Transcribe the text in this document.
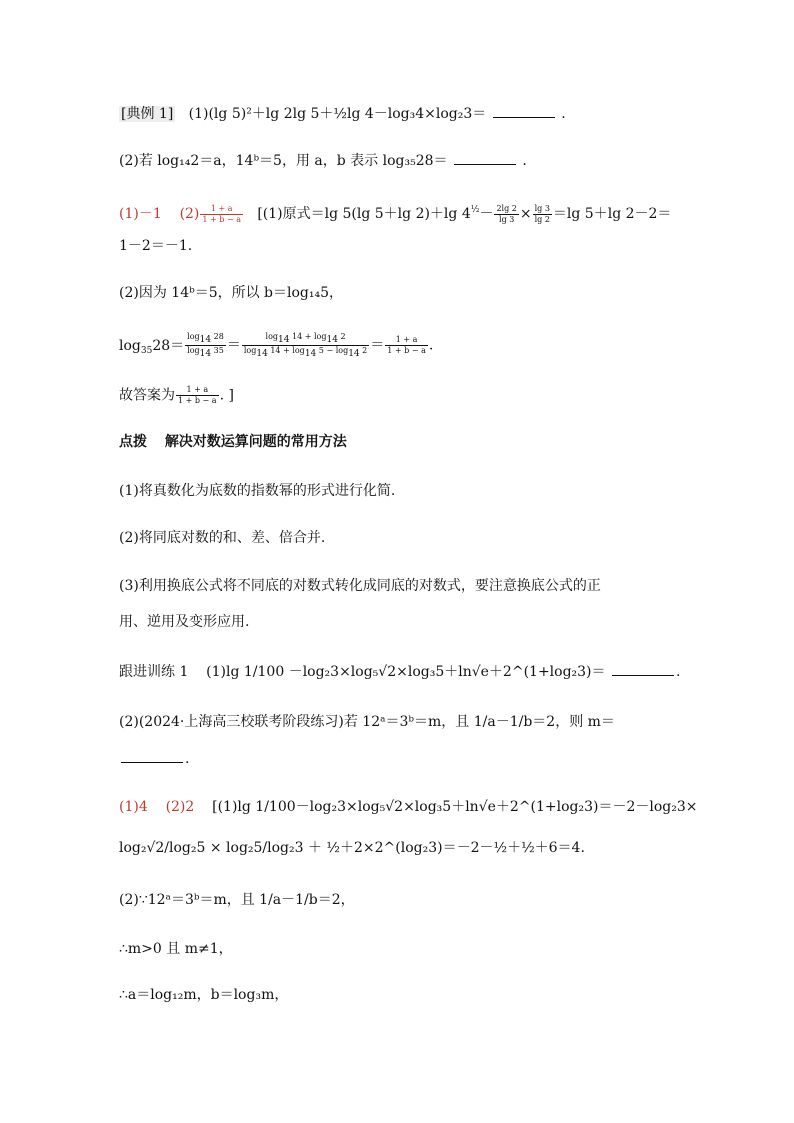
[典例 1] (1)(lg 5)²＋lg 2lg 5＋½lg 4－log₃4×log₂3＝	.
(2)若 log₁₄2＝a，14ᵇ＝5，用 a，b 表示 log₃₅28＝	.
(1)－1 $(2) \frac{1 + a}{1 + b - a} [(1)$原式＝lg 5(lg 5＋lg 2)＋lg $4^{\frac{1}{2}}- \frac{2\lg 2}{\lg 3} \times \frac{\lg 3}{\lg 2} =\lg$ 5＋lg 2－2＝
1－2＝－1.
(2)因为 14ᵇ＝5，所以 b＝log₁₄5，
$\log_{35}28= \frac{\log_{14} 28}{\log_{14} 35} = \frac{\log_{14} 14 + \log_{14} 2}{\log_{14} 14 + \log_{14} 5 - \log_{14} 2} = \frac{1 + a}{1 + b - a}$ .
故答案为 $\frac{1 + a}{1 + b - a}$ . ]
点拨 解决对数运算问题的常用方法
(1)将真数化为底数的指数幂的形式进行化简.
(2)将同底对数的和、差、倍合并.
(3)利用换底公式将不同底的对数式转化成同底的对数式，要注意换底公式的正
用、逆用及变形应用.
跟进训练 1 (1)lg 1/100 －log₂3×log₅√2×log₃5＋ln√e＋2^(1+log₂3)＝	.
(2)(2024·上海高三校联考阶段练习)若 12ᵃ＝3ᵇ＝m，且 1/a－1/b＝2，则 m＝
.
(1)4 (2)2 [(1)lg 1/100－log₂3×log₅√2×log₃5＋ln√e＋2^(1+log₂3)＝－2－log₂3×
log₂√2/log₂5 × log₂5/log₂3 ＋ ½＋2×2^(log₂3)＝－2－½＋½＋6＝4.
(2)∵12ᵃ＝3ᵇ＝m，且 1/a－1/b＝2，
∴m>0 且 m≠1，
∴a＝log₁₂m，b＝log₃m，
